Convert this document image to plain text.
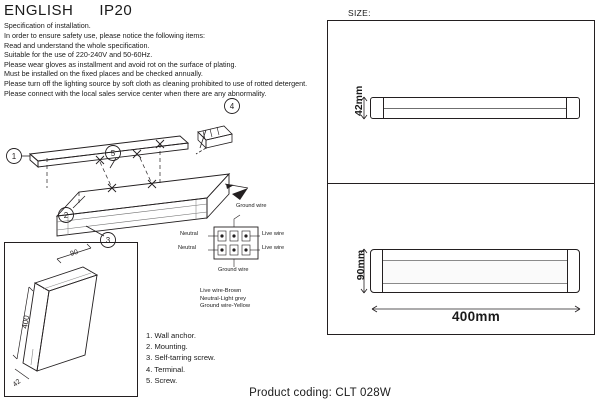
ENGLISH IP20
Specification of installation.
In order to ensure safety use, please notice the following items:
Read and understand the whole specification.
Suitable for the use of 220-240V and 50-60Hz.
Please wear gloves as installment and avoid rot on the surface of plating.
Must be installed on the fixed places and be checked annually.
Please turn off the lighting source by soft cloth as cleaning prohibited to use of rotted detergent.
Please connect with the local sales service center when there are any abnormality.
1
2
3
4
5
90
400
42
Ground wire
Neutral	Live wire
Neutral	Live wire
Ground wire
Live wire-Brown
Neutral-Light grey
Ground wire-Yellow
1. Wall anchor.
2. Mounting.
3. Self-tarring screw.
4. Terminal.
5. Screw.
SIZE:
42mm
90mm
400mm
Product coding: CLT 028W
